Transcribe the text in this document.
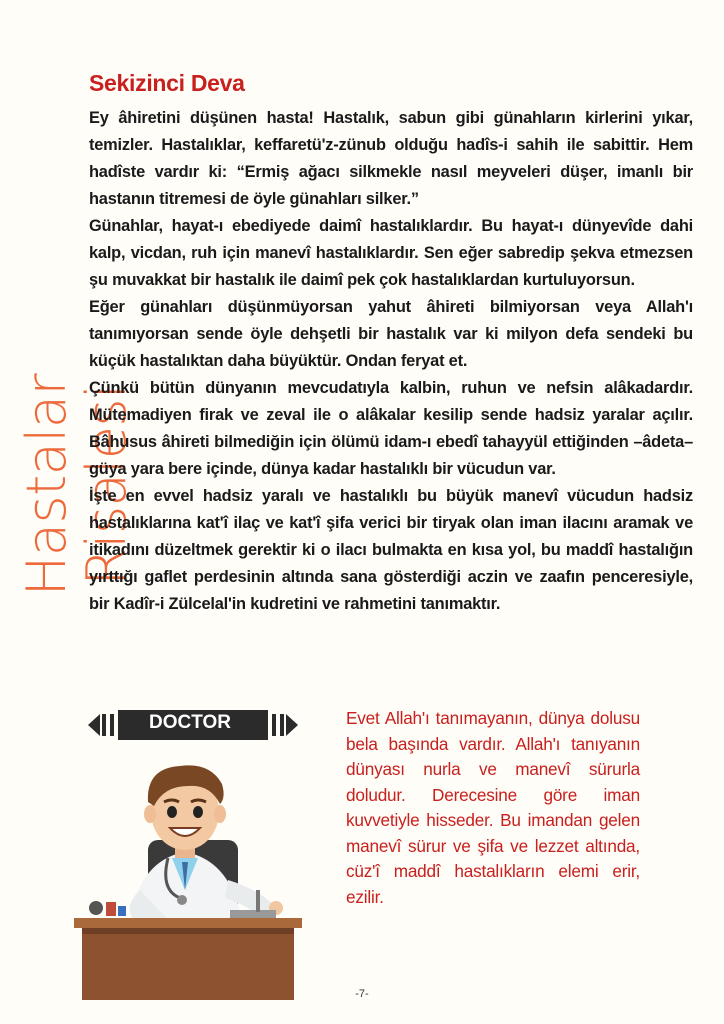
Hastalar Risalesi
Sekizinci Deva

Ey âhiretini düşünen hasta! Hastalık, sabun gibi günahların kirlerini yıkar, temizler. Hastalıklar, keffaretü'z-zünub olduğu hadîs-i sahih ile sabittir. Hem hadîste vardır ki: “Ermiş ağacı silkmekle nasıl meyveleri düşer, imanlı bir hastanın titremesi de öyle günahları silker.”

Günahlar, hayat-ı ebediyede daimî hastalıklardır. Bu hayat-ı dünyevîde dahi kalp, vicdan, ruh için manevî hastalıklardır. Sen eğer sabredip şekva etmezsen şu muvakkat bir hastalık ile daimî pek çok hastalıklardan kurtuluyorsun.

Eğer günahları düşünmüyorsan yahut âhireti bilmiyorsan veya Allah'ı tanımıyorsan sende öyle dehşetli bir hastalık var ki milyon defa sendeki bu küçük hastalıktan daha büyüktür. Ondan feryat et.

Çünkü bütün dünyanın mevcudatıyla kalbin, ruhun ve nefsin alâkadardır. Mütemadiyen firak ve zeval ile o alâkalar kesilip sende hadsiz yaralar açılır. Bâhusus âhireti bilmediğin için ölümü idam-ı ebedî tahayyül ettiğinden –âdeta– güya yara bere içinde, dünya kadar hastalıklı bir vücudun var.

İşte en evvel hadsiz yaralı ve hastalıklı bu büyük manevî vücudun hadsiz hastalıklarına kat'î ilaç ve kat'î şifa verici bir tiryak olan iman ilacını aramak ve itikadını düzeltmek gerektir ki o ilacı bulmakta en kısa yol, bu maddî hastalığın yırttığı gaflet perdesinin altında sana gösterdiği aczin ve zaafın penceresiyle, bir Kadîr-i Zülcelal'in kudretini ve rahmetini tanımaktır.

DOCTOR	Evet Allah'ı tanımayanın, dünya dolusu bela başında vardır. Allah'ı tanıyanın dünyası nurla ve manevî sürurla doludur. Derecesine göre iman kuvvetiyle hisseder. Bu imandan gelen manevî sürur ve şifa ve lezzet altında, cüz'î maddî hastalıkların elemi erir, ezilir.
-7-
